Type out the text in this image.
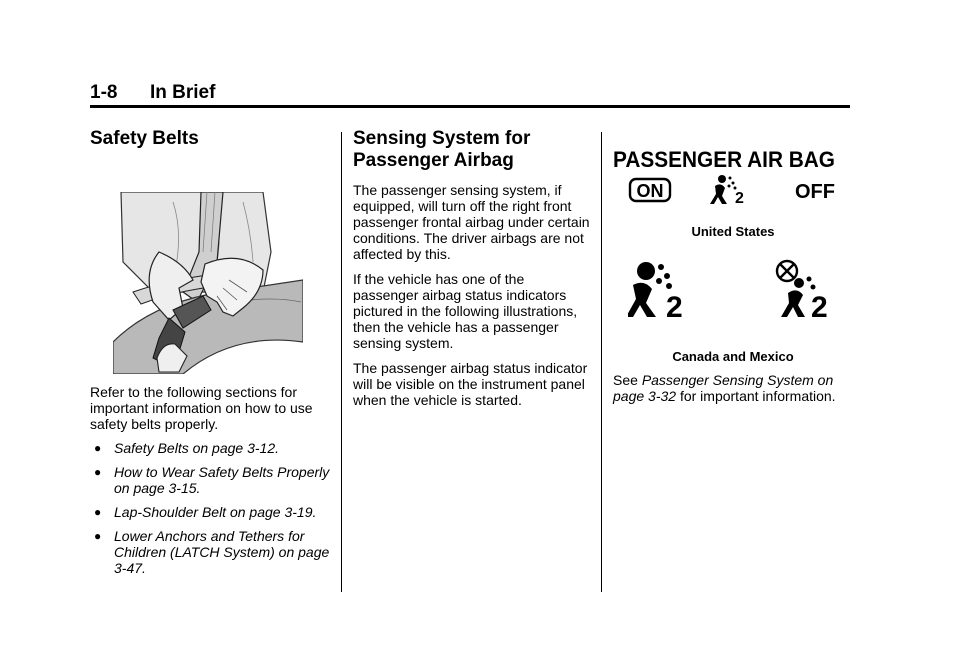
1-8 In Brief
Safety Belts

Refer to the following sections for important information on how to use safety belts properly.

● Safety Belts on page 3-12.
● How to Wear Safety Belts Properly on page 3-15.
● Lap-Shoulder Belt on page 3-19.
● Lower Anchors and Tethers for Children (LATCH System) on page 3-47.
Sensing System for Passenger Airbag

The passenger sensing system, if equipped, will turn off the right front passenger frontal airbag under certain conditions. The driver airbags are not affected by this.

If the vehicle has one of the passenger airbag status indicators pictured in the following illustrations, then the vehicle has a passenger sensing system.

The passenger airbag status indicator will be visible on the instrument panel when the vehicle is started.

PASSENGER AIR BAG
ON	2	OFF
United States
2	2
Canada and Mexico

See Passenger Sensing System on page 3-32 for important information.
